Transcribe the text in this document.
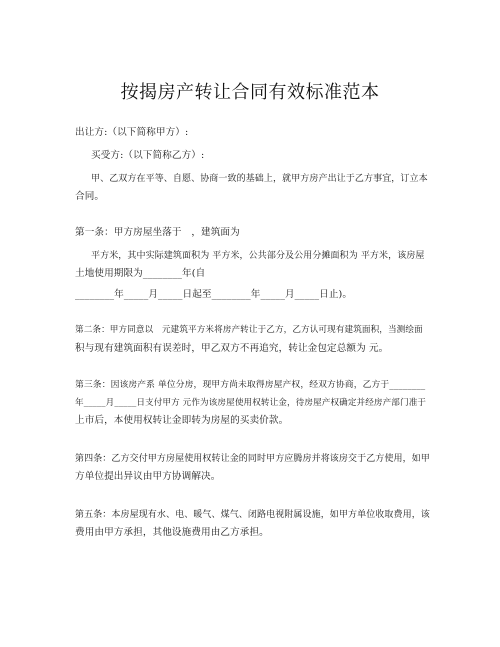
按揭房产转让合同有效标准范本
出让方:（以下简称甲方）:
买受方:（以下简称乙方）:
甲、乙双方在平等、自愿、协商一致的基础上，就甲方房产出让于乙方事宜，订立本
合同。
第一条：甲方房屋坐落于　，建筑面为
平方米，其中实际建筑面积为 平方米，公共部分及公用分摊面积为 平方米，该房屋
土地使用期限为________年(自
________年_____月_____日起至________年_____月_____日止)。
第二条：甲方同意以　元建筑平方米将房产转让于乙方，乙方认可现有建筑面积，当测绘面
积与现有建筑面积有误差时，甲乙双方不再追究，转让金包定总额为 元。
第三条：因该房产系 单位分房，现甲方尚未取得房屋产权，经双方协商，乙方于________
年_____月_____日支付甲方 元作为该房屋使用权转让金，待房屋产权确定并经房产部门准于
上市后，本使用权转让金即转为房屋的买卖价款。
第四条：乙方交付甲方房屋使用权转让金的同时甲方应腾房并将该房交于乙方使用，如甲
方单位提出异议由甲方协调解决。
第五条：本房屋现有水、电、暖气、煤气、闭路电视附属设施，如甲方单位收取费用，该
费用由甲方承担，其他设施费用由乙方承担。
